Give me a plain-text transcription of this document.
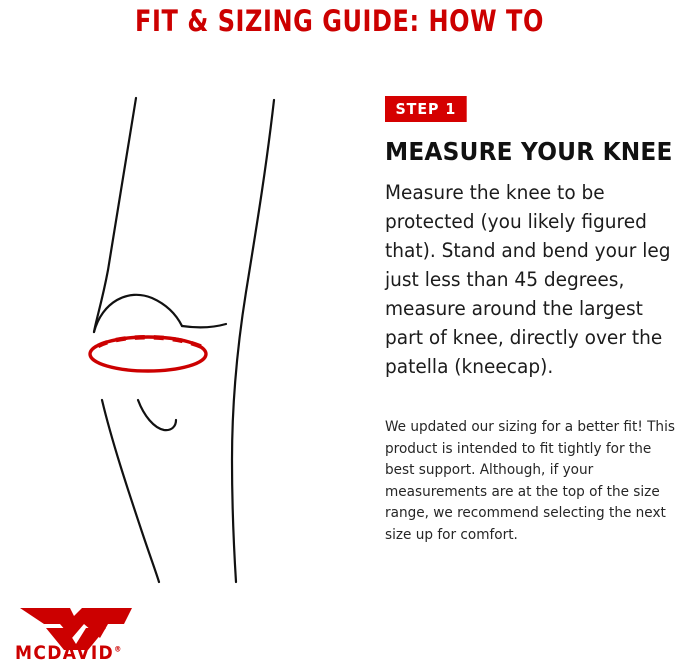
FIT & SIZING GUIDE: HOW TO
STEP 1
MEASURE YOUR KNEE
Measure the knee to be protected (you likely figured that). Stand and bend your leg just less than 45 degrees, measure around the largest part of knee, directly over the patella (kneecap).
We updated our sizing for a better fit! This product is intended to fit tightly for the best support. Although, if your measurements are at the top of the size range, we recommend selecting the next size up for comfort.
MCDAVID®
